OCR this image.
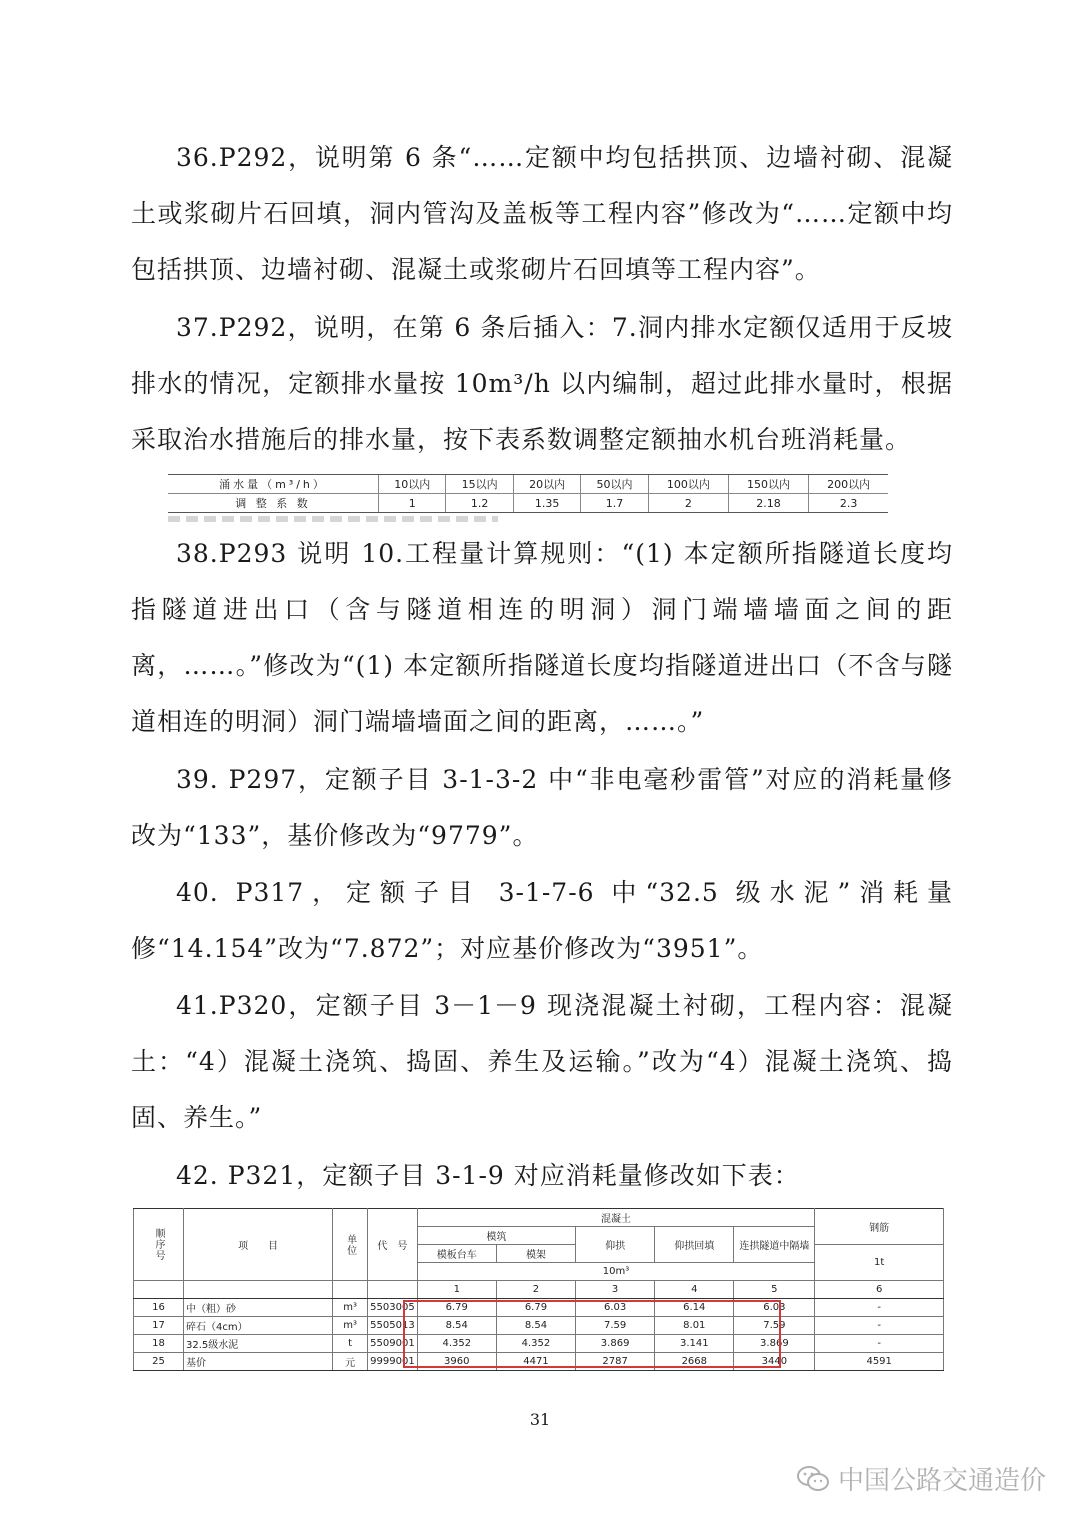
36.P292，说明第 6 条“……定额中均包括拱顶、边墙衬砌、混凝土或浆砌片石回填，洞内管沟及盖板等工程内容”修改为“……定额中均包括拱顶、边墙衬砌、混凝土或浆砌片石回填等工程内容”。

37.P292，说明，在第 6 条后插入：7.洞内排水定额仅适用于反坡排水的情况，定额排水量按 10m³/h 以内编制，超过此排水量时，根据采取治水措施后的排水量，按下表系数调整定额抽水机台班消耗量。

涌水量（m³/h）	10以内	15以内	20以内	50以内	100以内	150以内	200以内
调 整 系 数	1	1.2	1.35	1.7	2	2.18	2.3

38.P293 说明 10.工程量计算规则：“(1) 本定额所指隧道长度均指隧道进出口（含与隧道相连的明洞）洞门端墙墙面之间的距离，……。”修改为“(1) 本定额所指隧道长度均指隧道进出口（不含与隧道相连的明洞）洞门端墙墙面之间的距离，……。”

39. P297，定额子目 3-1-3-2 中“非电毫秒雷管”对应的消耗量修改为“133”，基价修改为“9779”。

40. P317，定额子目 3-1-7-6 中“32.5 级水泥”消耗量修“14.154”改为“7.872”；对应基价修改为“3951”。

41.P320，定额子目 3－1－9 现浇混凝土衬砌，工程内容：混凝土：“4）混凝土浇筑、捣固、养生及运输。”改为“4）混凝土浇筑、捣固、养生。”

42. P321，定额子目 3-1-9 对应消耗量修改如下表：

顺序号	项　　目	单位	代　号	混凝土					钢筋
				模筑		仰拱	仰拱回填	连拱隧道中隔墙	
				模板台车	模架				1t
				10m³					
				1	2	3	4	5	6
16	中（粗）砂	m³	5503005	6.79	6.79	6.03	6.14	6.03	-
17	碎石（4cm）	m³	5505013	8.54	8.54	7.59	8.01	7.59	-
18	32.5级水泥	t	5509001	4.352	4.352	3.869	3.141	3.869	-
25	基价	元	9999001	3960	4471	2787	2668	3440	4591
31
中国公路交通造价
